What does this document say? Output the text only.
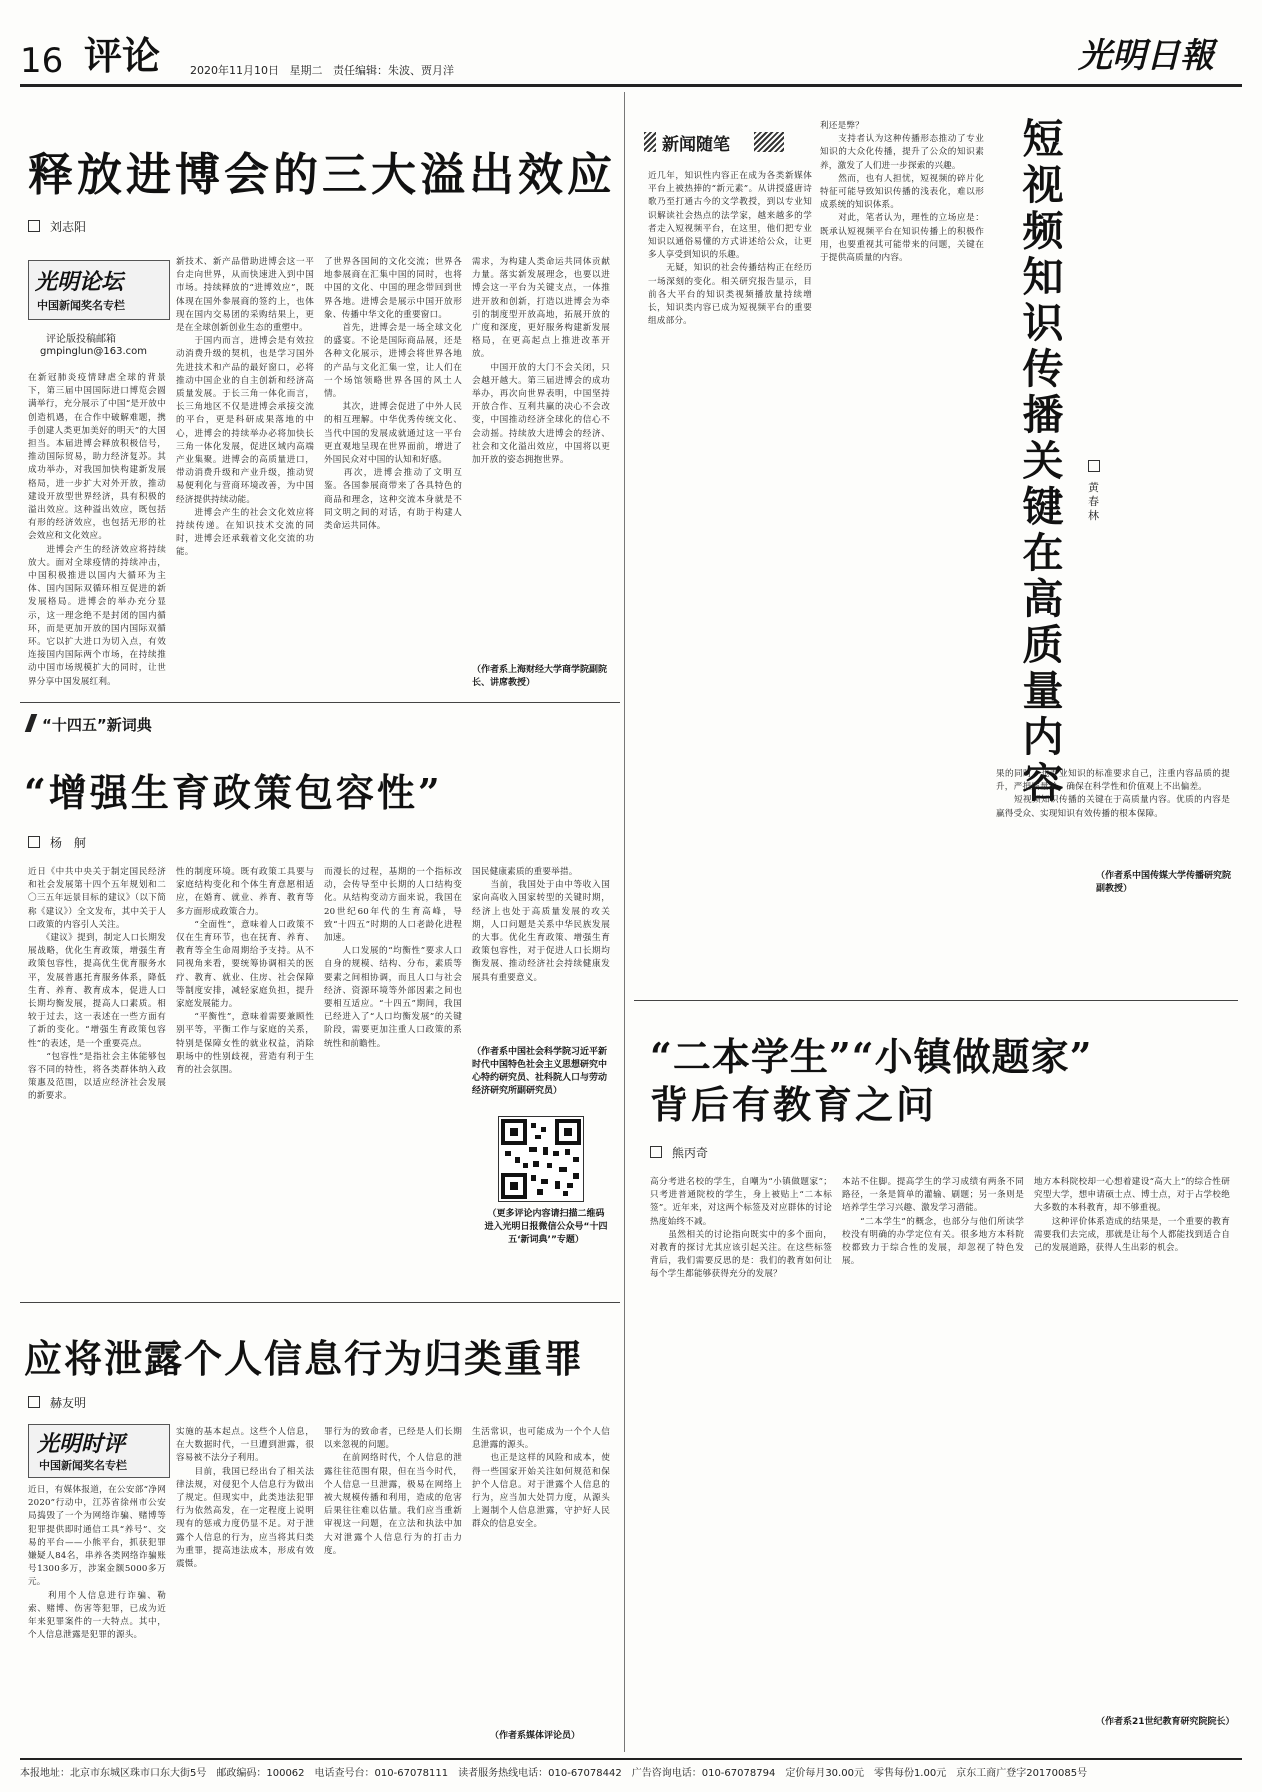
16 评论	2020年11月10日 星期二 责任编辑：朱波、贾月洋	光明日報
释放进博会的三大溢出效应
刘志阳
光明论坛
中国新闻奖名专栏
评论版投稿邮箱
gmpinglun@163.com
在新冠肺炎疫情肆虐全球的背景下，第三届中国国际进口博览会圆满举行，充分展示了中国“是开放中创造机遇，在合作中破解难题，携手创建人类更加美好的明天”的大国担当。本届进博会释放积极信号，推动国际贸易，助力经济复苏。其成功举办，对我国加快构建新发展格局，进一步扩大对外开放，推动建设开放型世界经济，具有积极的溢出效应。这种溢出效应，既包括有形的经济效应，也包括无形的社会效应和文化效应。
　　进博会产生的经济效应将持续放大。面对全球疫情的持续冲击，中国积极推进以国内大循环为主体、国内国际双循环相互促进的新发展格局。进博会的举办充分显示，这一理念绝不是封闭的国内循环，而是更加开放的国内国际双循环。它以扩大进口为切入点，有效连接国内国际两个市场，在持续推动中国市场规模扩大的同时，让世界分享中国发展红利。
新技术、新产品借助进博会这一平台走向世界，从而快速进入到中国市场。持续释放的“进博效应”，既体现在国外参展商的签约上，也体现在国内交易团的采购结果上，更是在全球创新创业生态的重塑中。
　　于国内而言，进博会是有效拉动消费升级的契机，也是学习国外先进技术和产品的最好窗口，必将推动中国企业的自主创新和经济高质量发展。于长三角一体化而言，长三角地区不仅是进博会承接交流的平台，更是科研成果落地的中心，进博会的持续举办必将加快长三角一体化发展，促进区域内高端产业集聚。进博会的高质量进口，带动消费升级和产业升级，推动贸易便利化与营商环境改善，为中国经济提供持续动能。
　　进博会产生的社会文化效应将持续传递。在知识技术交流的同时，进博会还承载着文化交流的功能。
了世界各国间的文化交流；世界各地参展商在汇集中国的同时，也将中国的文化、中国的理念带回到世界各地。进博会是展示中国开放形象、传播中华文化的重要窗口。
　　首先，进博会是一场全球文化的盛宴。不论是国际商品展，还是各种文化展示，进博会将世界各地的产品与文化汇集一堂，让人们在一个场馆领略世界各国的风土人情。
　　其次，进博会促进了中外人民的相互理解。中华优秀传统文化、当代中国的发展成就通过这一平台更直观地呈现在世界面前，增进了外国民众对中国的认知和好感。
　　再次，进博会推动了文明互鉴。各国参展商带来了各具特色的商品和理念，这种交流本身就是不同文明之间的对话，有助于构建人类命运共同体。
需求，为构建人类命运共同体贡献力量。落实新发展理念，也要以进博会这一平台为关键支点，一体推进开放和创新，打造以进博会为牵引的制度型开放高地，拓展开放的广度和深度，更好服务构建新发展格局，在更高起点上推进改革开放。
　　中国开放的大门不会关闭，只会越开越大。第三届进博会的成功举办，再次向世界表明，中国坚持开放合作、互利共赢的决心不会改变，中国推动经济全球化的信心不会动摇。持续放大进博会的经济、社会和文化溢出效应，中国将以更加开放的姿态拥抱世界。
（作者系上海财经大学商学院副院长、讲席教授）
“十四五”新词典
“增强生育政策包容性”
杨　舸
近日《中共中央关于制定国民经济和社会发展第十四个五年规划和二〇三五年远景目标的建议》（以下简称《建议》）全文发布，其中关于人口政策的内容引人关注。
　　《建议》提到，制定人口长期发展战略，优化生育政策，增强生育政策包容性，提高优生优育服务水平，发展普惠托育服务体系，降低生育、养育、教育成本，促进人口长期均衡发展，提高人口素质。相较于过去，这一表述在一些方面有了新的变化。“增强生育政策包容性”的表述，是一个重要亮点。
　　“包容性”是指社会主体能够包容不同的特性，将各类群体纳入政策惠及范围，以适应经济社会发展的新要求。
性的制度环境。既有政策工具要与家庭结构变化和个体生育意愿相适应，在婚育、就业、养育、教育等多方面形成政策合力。
　　“全面性”，意味着人口政策不仅在生育环节，也在抚育、养育、教育等全生命周期给予支持。从不同视角来看，要统筹协调相关的医疗、教育、就业、住房、社会保障等制度安排，减轻家庭负担，提升家庭发展能力。
　　“平衡性”，意味着需要兼顾性别平等，平衡工作与家庭的关系，特别是保障女性的就业权益，消除职场中的性别歧视，营造有利于生育的社会氛围。
而漫长的过程，基期的一个指标改动，会传导至中长期的人口结构变化。从结构变动方面来说，我国在20世纪60年代的生育高峰，导致“十四五”时期的人口老龄化进程加速。
　　人口发展的“均衡性”要求人口自身的规模、结构、分布，素质等要素之间相协调，而且人口与社会经济、资源环境等外部因素之间也要相互适应。“十四五”期间，我国已经进入了“人口均衡发展”的关键阶段，需要更加注重人口政策的系统性和前瞻性。
国民健康素质的重要举措。
　　当前，我国处于由中等收入国家向高收入国家转型的关键时期，经济上也处于高质量发展的攻关期，人口问题是关系中华民族发展的大事。优化生育政策、增强生育政策包容性，对于促进人口长期均衡发展、推动经济社会持续健康发展具有重要意义。
（作者系中国社会科学院习近平新时代中国特色社会主义思想研究中心特约研究员、社科院人口与劳动经济研究所副研究员）
（更多评论内容请扫描二维码进入光明日报微信公众号“十四五‘新词典’”专题）
应将泄露个人信息行为归类重罪
赫友明
光明时评
中国新闻奖名专栏
近日，有媒体报道，在公安部“净网2020”行动中，江苏省徐州市公安局捣毁了一个为网络诈骗、赌博等犯罪提供即时通信工具“养号”、交易的平台——小熊平台，抓获犯罪嫌疑人84名，串养各类网络诈骗账号1300多万，涉案金额5000多万元。
　　利用个人信息进行诈骗、勒索、赌博、伤害等犯罪，已成为近年来犯罪案件的一大特点。其中，个人信息泄露是犯罪的源头。
实施的基本起点。这些个人信息，在大数据时代，一旦遭到泄露，很容易被不法分子利用。
　　目前，我国已经出台了相关法律法规，对侵犯个人信息行为做出了规定。但现实中，此类违法犯罪行为依然高发，在一定程度上说明现有的惩戒力度仍显不足。对于泄露个人信息的行为，应当将其归类为重罪，提高违法成本，形成有效震慑。
罪行为的致命者，已经是人们长期以来忽视的问题。
　　在前网络时代，个人信息的泄露往往范围有限，但在当今时代，个人信息一旦泄露，极易在网络上被大规模传播和利用，造成的危害后果往往难以估量。我们应当重新审视这一问题，在立法和执法中加大对泄露个人信息行为的打击力度。
生活常识，也可能成为一个个人信息泄露的源头。
　　也正是这样的风险和成本，使得一些国家开始关注如何规范和保护个人信息。对于泄露个人信息的行为，应当加大处罚力度，从源头上遏制个人信息泄露，守护好人民群众的信息安全。
（作者系媒体评论员）
新闻随笔
近几年，知识性内容正在成为各类新媒体平台上被热捧的“新元素”。从讲授盛唐诗歌乃至打通古今的文学教授，到以专业知识解读社会热点的法学家，越来越多的学者走入短视频平台，在这里，他们把专业知识以通俗易懂的方式讲述给公众，让更多人享受到知识的乐趣。
　　无疑，知识的社会传播结构正在经历一场深刻的变化。相关研究报告显示，目前各大平台的知识类视频播放量持续增长，知识类内容已成为短视频平台的重要组成部分。
利还是弊？
　　支持者认为这种传播形态推动了专业知识的大众化传播，提升了公众的知识素养，激发了人们进一步探索的兴趣。
　　然而，也有人担忧，短视频的碎片化特征可能导致知识传播的浅表化，难以形成系统的知识体系。
　　对此，笔者认为，理性的立场应是：既承认短视频平台在知识传播上的积极作用，也要重视其可能带来的问题，关键在于提供高质量的内容。
短
视
频
知
识
传
播
关
键
在
高
质
量
内
容
黄春林
果的同时，也专业知识的标准要求自己，注重内容品质的提升，严把质量关，确保在科学性和价值观上不出偏差。
　　短视频知识传播的关键在于高质量内容。优质的内容是赢得受众、实现知识有效传播的根本保障。
（作者系中国传媒大学传播研究院副教授）
“二本学生”“小镇做题家”
背后有教育之问
熊丙奇
高分考进名校的学生，自嘲为“小镇做题家”；只考进普通院校的学生，身上被贴上“二本标签”。近年来，对这两个标签及对应群体的讨论热度始终不减。
　　虽然相关的讨论指向既实中的多个面向，对教育的探讨尤其应该引起关注。在这些标签背后，我们需要反思的是：我们的教育如何让每个学生都能够获得充分的发展？
本站不住脚。提高学生的学习成绩有两条不同路径，一条是简单的灌输、刷题；另一条则是培养学生学习兴趣、激发学习潜能。
　　“二本学生”的概念，也部分与他们所读学校没有明确的办学定位有关。很多地方本科院校都致力于综合性的发展，却忽视了特色发展。
地方本科院校却一心想着建设“高大上”的综合性研究型大学，想申请硕士点、博士点，对于占学校绝大多数的本科教育，却不够重视。
　　这种评价体系造成的结果是，一个重要的教育需要我们去完成，那就是让每个人都能找到适合自己的发展道路，获得人生出彩的机会。
（作者系21世纪教育研究院院长）
本报地址：北京市东城区珠市口东大街5号　邮政编码：100062　电话查号台：010-67078111　读者服务热线电话：010-67078442　广告咨询电话：010-67078794　定价每月30.00元　零售每份1.00元　京东工商广登字20170085号
